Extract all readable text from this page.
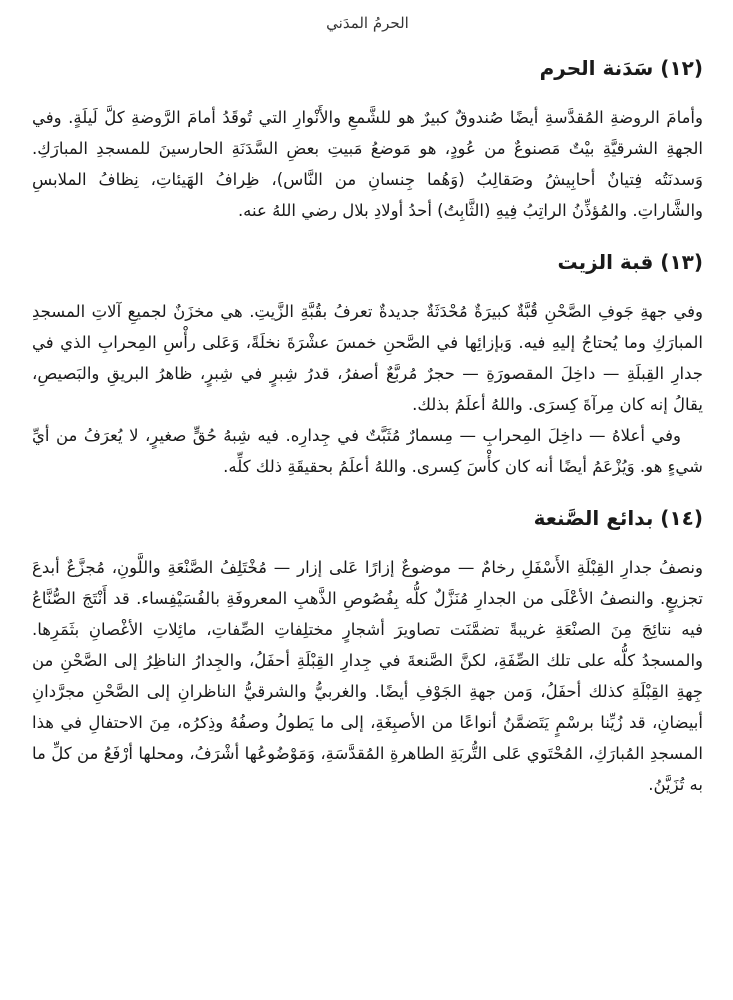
الحرمُ المدَني
(١٢) سَدَنة الحرم

وأمامَ الروضةِ المُقدَّسةِ أيضًا صُندوقٌ كبيرٌ هو للشَّمعِ والأَنْوارِ التي تُوقَدُ أمامَ الرَّوضةِ كلَّ لَيلَةٍ. وفي الجهةِ الشرقيَّةِ بيْتٌ مَصنوعٌ من عُودٍ، هو مَوضعُ مَبيتِ بعضِ السَّدَنَةِ الحارسينَ للمسجدِ المبارَكِ. وَسدنَتُه فِتيانٌ أحابِيشُ وصَقالِبُ (وَهُما جِنسانِ من النَّاس)، ظِرافُ الهَيئاتِ، نِظافُ الملابسِ والشَّاراتِ. والمُؤذِّنُ الراتِبُ فِيهِ (الثَّابِتُ) أحدُ أولادِ بلال رضي اللهُ عنه.

(١٣) قبة الزيت

وفي جهةِ جَوفِ الصَّحْنِ قُبَّةٌ كبيرَةٌ مُحْدَثَةٌ جديدةٌ تعرفُ بقُبَّةِ الزَّيتِ. هي مخزَنٌ لجميعِ آلاتِ المسجدِ المبارَكِ وما يُحتاجُ إليهِ فيه. وَبإزائِها في الصَّحنِ خمسَ عشْرَةَ نخلَةً، وَعَلى رأْسِ المِحرابِ الذي في جدارِ القِبلَةِ — داخِلَ المقصورَةِ — حجرٌ مُربَّعٌ أصفرُ، قدرُ شِبرٍ في شِبرٍ، ظاهرُ البريقِ والبَصيصِ، يقالُ إنه كان مِرآةَ كِسرَى. واللهُ أعلَمُ بذلك.

وفي أعلاهُ — داخِلَ المِحرابِ — مِسمارٌ مُثَبَّتٌ في جِدارِه. فيه شِبهُ حُقٍّ صغيرٍ، لا يُعرَفُ من أيِّ شيءٍ هو. وَيُزْعَمُ أيضًا أنه كان كأْسَ كِسرى. واللهُ أعلَمُ بحقيقَةِ ذلك كلِّه.

(١٤) بدائع الصَّنعة

ونصفُ جدارِ القِبْلَةِ الأَسْفَلِ رخامٌ — موضوعٌ إزارًا عَلى إزار — مُخْتَلِفُ الصَّنْعَةِ واللَّونِ، مُجزَّعٌ أبدعَ تجزيعٍ. والنصفُ الأعْلَى من الجدارِ مُنَزَّلٌ كلُّه بِفُصُوصِ الذَّهبِ المعروفَةِ بالفُسَيْفِساء. قد أَنْتَجَ الصُّنَّاعُ فيه نتائِجَ مِنَ الصنْعَةِ غريبةً تضمَّنَت تصاويرَ أشجارٍ مختلِفاتِ الصِّفاتِ، مائِلاتِ الأغْصانِ بثَمَرِها. والمسجدُ كلُّه على تلك الصِّفَةِ، لكنَّ الصَّنعةَ في جِدارِ القِبْلَةِ أحفَلُ، والجِدارُ الناظِرُ إلى الصَّحْنِ من جِهةِ القِبْلَةِ كذلك أحفَلُ، وَمن جهةِ الجَوْفِ أيضًا. والغربيُّ والشرقيُّ الناظرانِ إلى الصَّحْنِ مجرَّدانِ أبيضانِ، قد زُيِّنا برسْمٍ يَتَضمَّنُ أنواعًا من الأصبِغَةِ، إلى ما يَطولُ وصفُهُ وذِكرُه، مِنَ الاحتفالِ في هذا المسجدِ المُبارَكِ، المُحْتَوي عَلى التُّربَةِ الطاهرةِ المُقدَّسَةِ، وَمَوْضُوعُها أشْرَفُ، ومحلها أرْفَعُ من كلِّ ما به تُزَيَّنُ.
